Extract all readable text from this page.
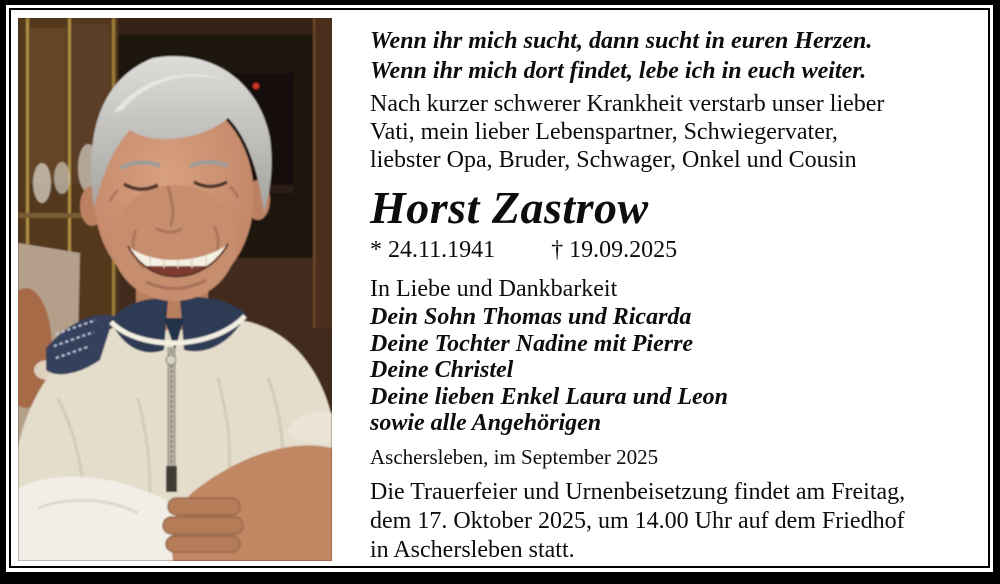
Wenn ihr mich sucht, dann sucht in euren Herzen.
Wenn ihr mich dort findet, lebe ich in euch weiter.
Nach kurzer schwerer Krankheit verstarb unser lieber
Vati, mein lieber Lebenspartner, Schwiegervater,
liebster Opa, Bruder, Schwager, Onkel und Cousin
Horst Zastrow
* 24.11.1941 † 19.09.2025
In Liebe und Dankbarkeit
Dein Sohn Thomas und Ricarda
Deine Tochter Nadine mit Pierre
Deine Christel
Deine lieben Enkel Laura und Leon
sowie alle Angehörigen
Aschersleben, im September 2025
Die Trauerfeier und Urnenbeisetzung findet am Freitag,
dem 17. Oktober 2025, um 14.00 Uhr auf dem Friedhof
in Aschersleben statt.
